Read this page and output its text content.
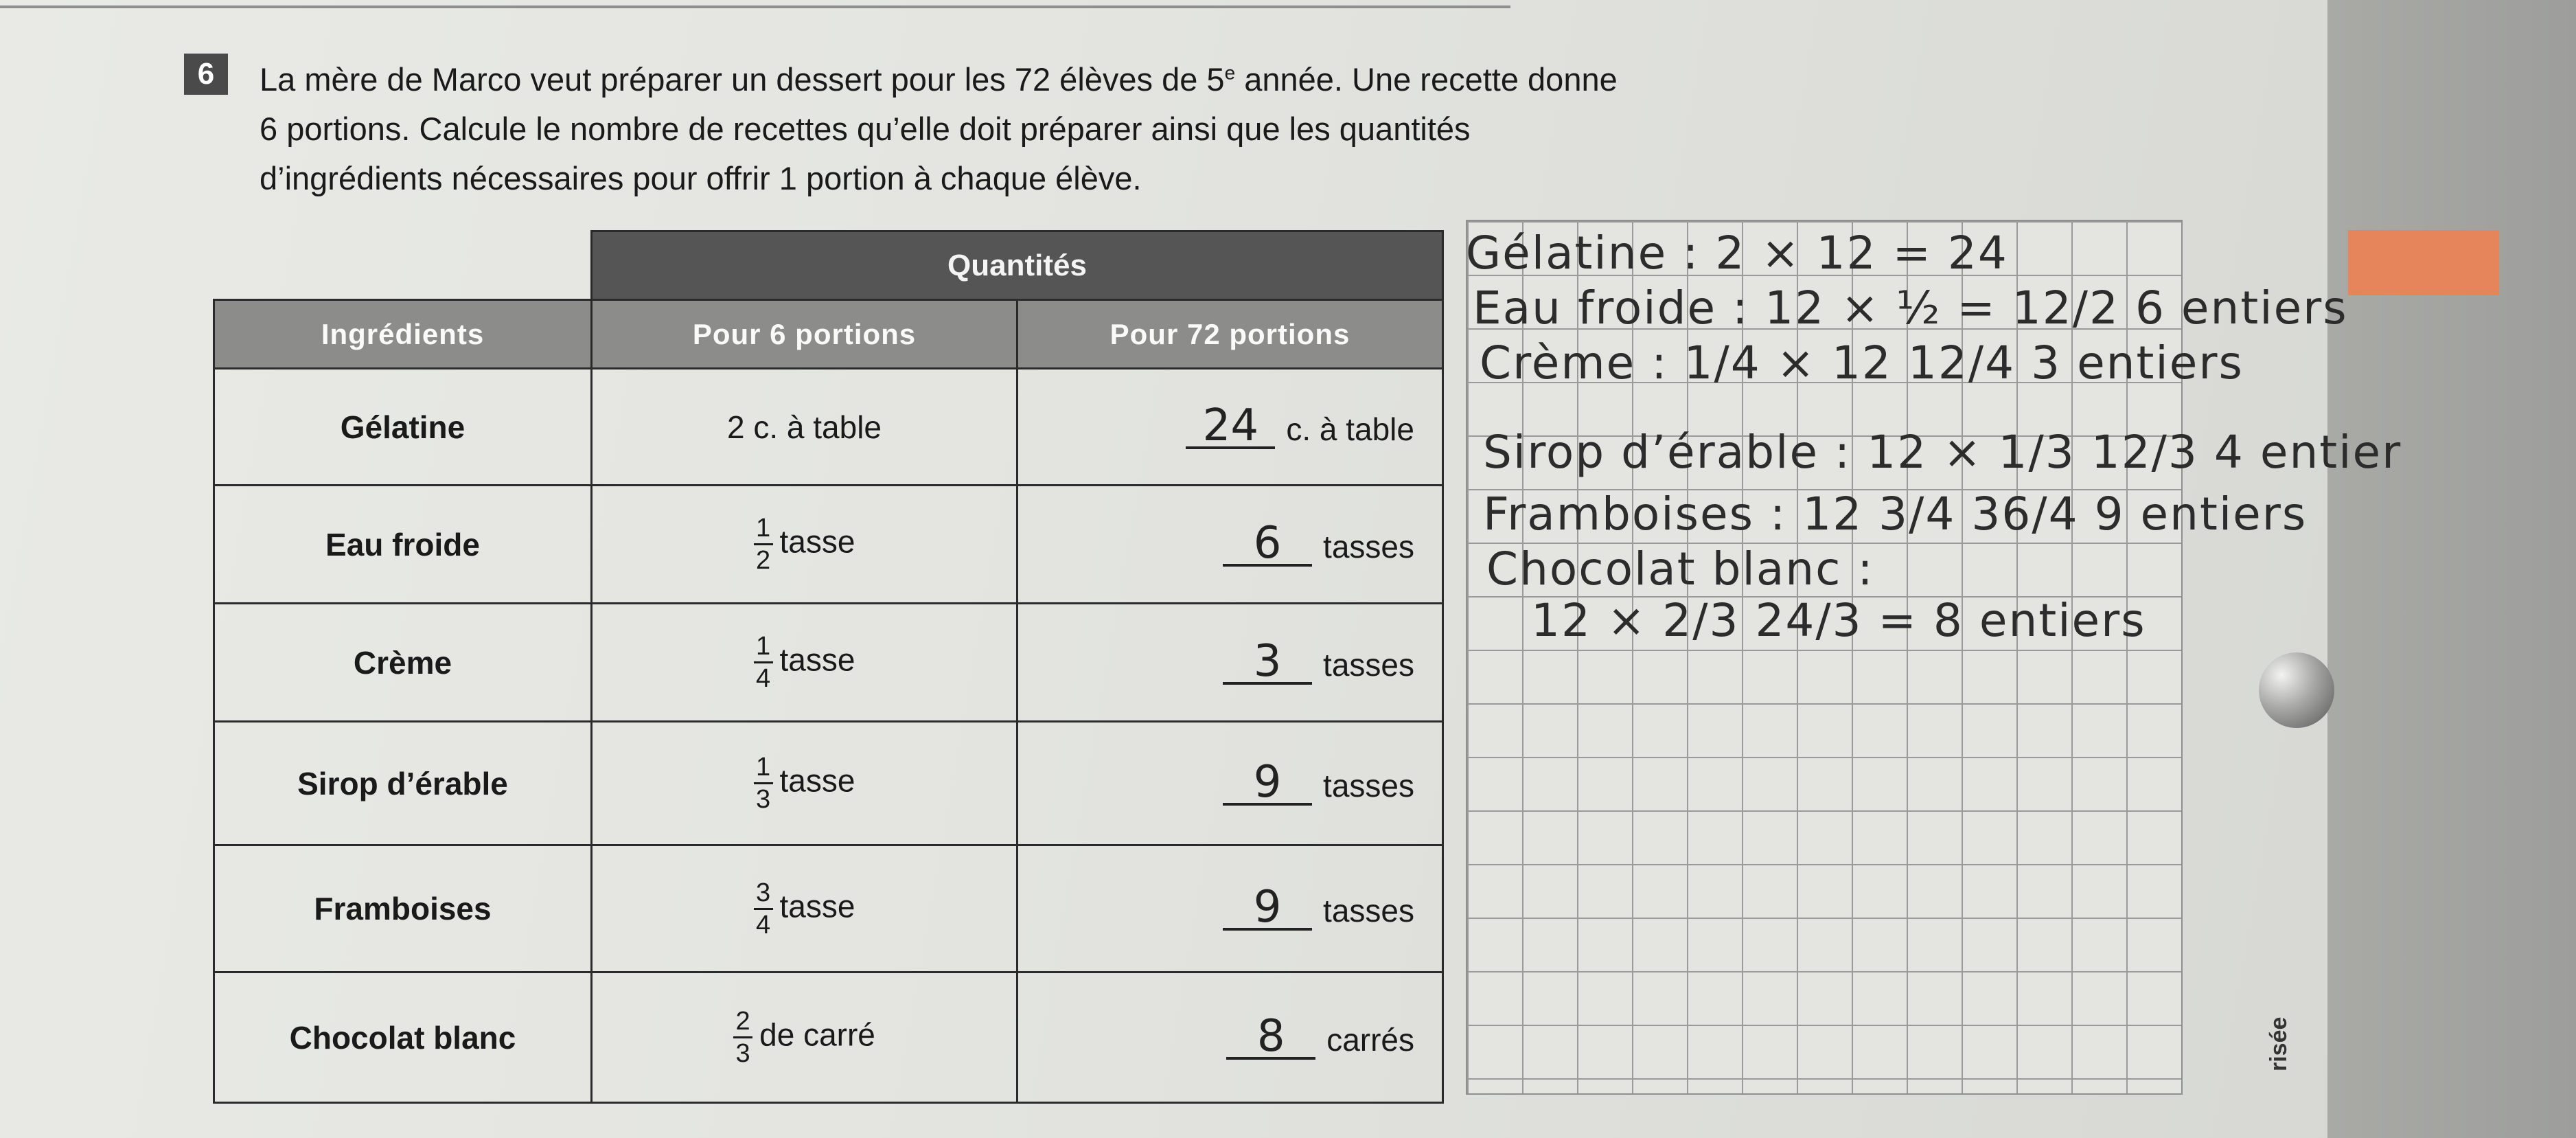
risée
6	La mère de Marco veut préparer un dessert pour les 72 élèves de 5e année. Une recette donne
6 portions. Calcule le nombre de recettes qu’elle doit préparer ainsi que les quantités
d’ingrédients nécessaires pour offrir 1 portion à chaque élève.
	Quantités	
Ingrédients	Pour 6 portions	Pour 72 portions
Gélatine	2 c. à table	24 c. à table
Eau froide	$\frac{1}{2}$ tasse	6 tasses
Crème	$\frac{1}{4}$ tasse	3 tasses
Sirop d’érable	$\frac{1}{3}$ tasse	9 tasses
Framboises	$\frac{3}{4}$ tasse	9 tasses
Chocolat blanc	$\frac{2}{3}$ de carré	8 carrés
Gélatine : 2 × 12 = 24
Eau froide : 12 × ½ = 12/2 6 entiers
Crème : 1/4 × 12 12/4 3 entiers
Sirop d’érable : 12 × 1/3 12/3 4 entier
Framboises : 12 3/4 36/4 9 entiers
Chocolat blanc :
12 × 2/3 24/3 = 8 entiers
